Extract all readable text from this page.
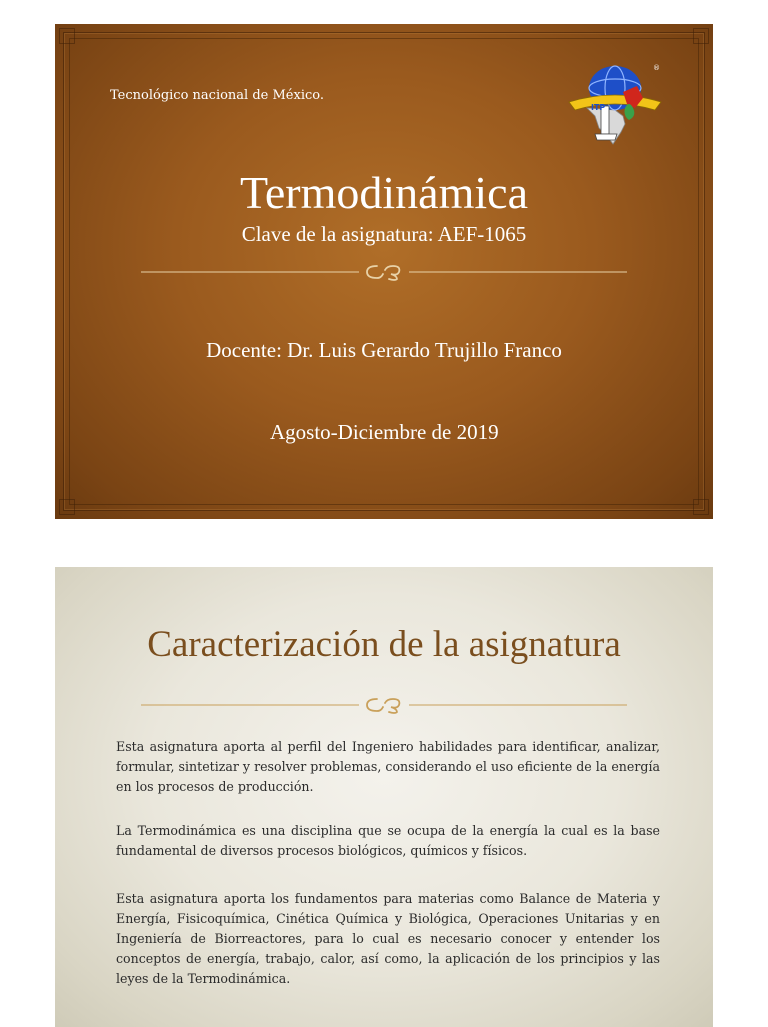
Tecnológico nacional de México.
ITP
®
Termodinámica
Clave de la asignatura: AEF-1065
Docente: Dr. Luis Gerardo Trujillo Franco
Agosto-Diciembre de 2019
Caracterización de la asignatura
Esta asignatura aporta al perfil del Ingeniero habilidades para identificar, analizar, formular, sintetizar y resolver problemas, considerando el uso eficiente de la energía en los procesos de producción.
La Termodinámica es una disciplina que se ocupa de la energía la cual es la base fundamental de diversos procesos biológicos, químicos y físicos.
Esta asignatura aporta los fundamentos para materias como Balance de Materia y Energía, Fisicoquímica, Cinética Química y Biológica, Operaciones Unitarias y en Ingeniería de Biorreactores, para lo cual es necesario conocer y entender los conceptos de energía, trabajo, calor, así como, la aplicación de los principios y las leyes de la Termodinámica.
